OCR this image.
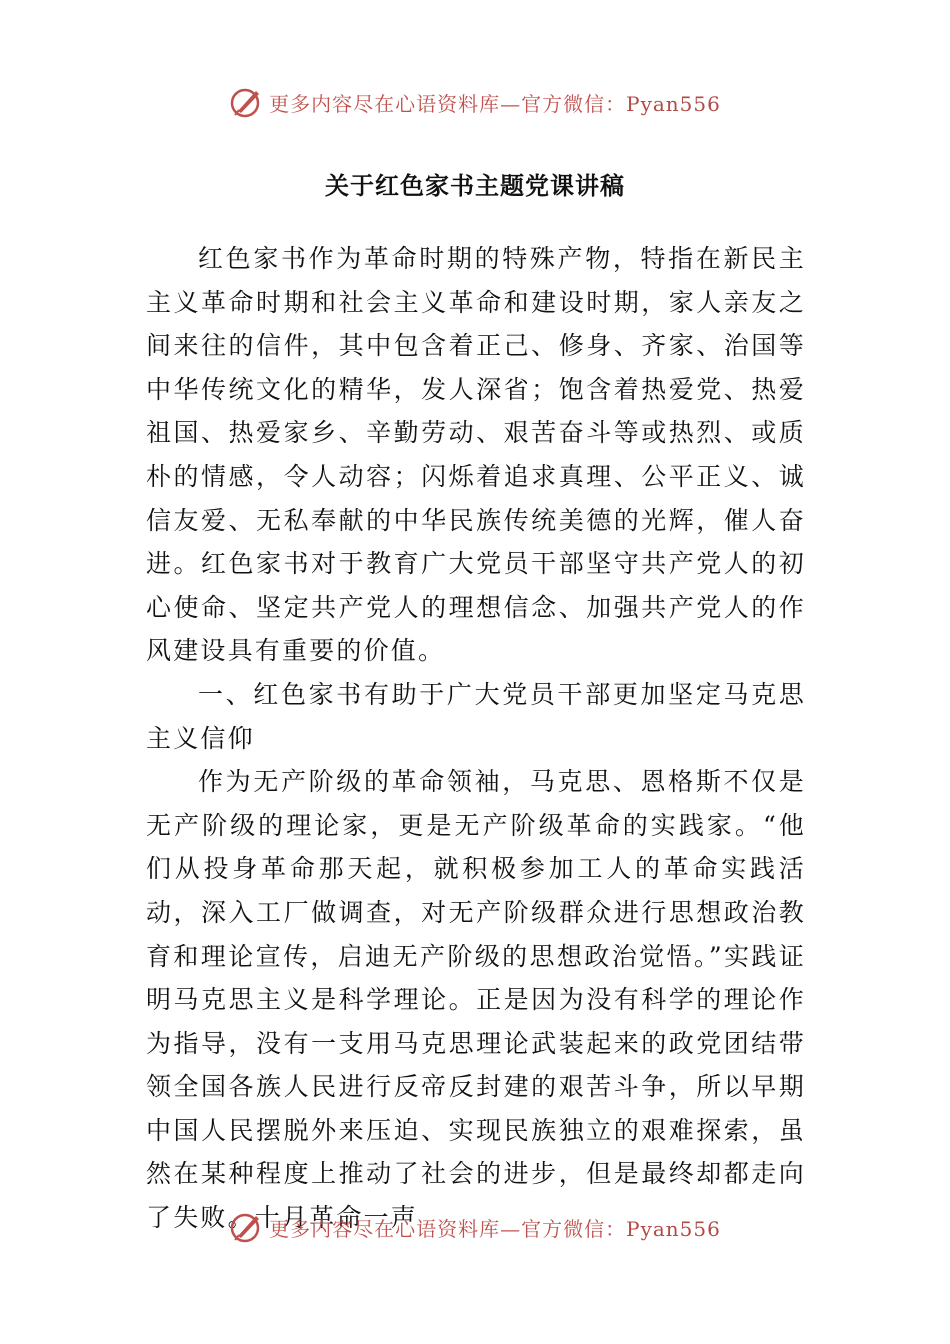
更多内容尽在心语资料库—官方微信：Pyan556
关于红色家书主题党课讲稿

红色家书作为革命时期的特殊产物，特指在新民主主义革命时期和社会主义革命和建设时期，家人亲友之间来往的信件，其中包含着正己、修身、齐家、治国等中华传统文化的精华，发人深省；饱含着热爱党、热爱祖国、热爱家乡、辛勤劳动、艰苦奋斗等或热烈、或质朴的情感，令人动容；闪烁着追求真理、公平正义、诚信友爱、无私奉献的中华民族传统美德的光辉，催人奋进。红色家书对于教育广大党员干部坚守共产党人的初心使命、坚定共产党人的理想信念、加强共产党人的作风建设具有重要的价值。

一、红色家书有助于广大党员干部更加坚定马克思主义信仰

作为无产阶级的革命领袖，马克思、恩格斯不仅是无产阶级的理论家，更是无产阶级革命的实践家。“他们从投身革命那天起，就积极参加工人的革命实践活动，深入工厂做调查，对无产阶级群众进行思想政治教育和理论宣传，启迪无产阶级的思想政治觉悟。”实践证明马克思主义是科学理论。正是因为没有科学的理论作为指导，没有一支用马克思理论武装起来的政党团结带领全国各族人民进行反帝反封建的艰苦斗争，所以早期中国人民摆脱外来压迫、实现民族独立的艰难探索，虽然在某种程度上推动了社会的进步，但是最终却都走向了失败。十月革命一声

更多内容尽在心语资料库—官方微信：Pyan556
